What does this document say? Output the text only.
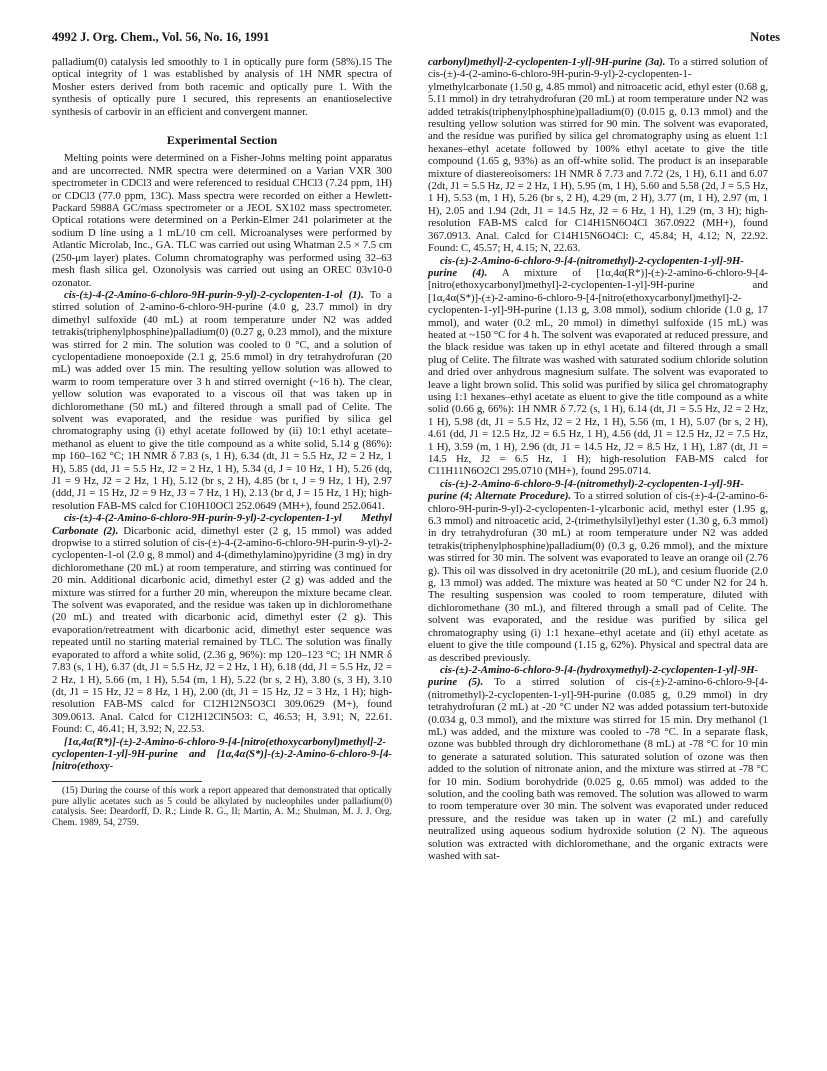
4992 J. Org. Chem., Vol. 56, No. 16, 1991	Notes

palladium(0) catalysis led smoothly to 1 in optically pure form (58%).15 The optical integrity of 1 was established by analysis of 1H NMR spectra of Mosher esters derived from both racemic and optically pure 1. With the synthesis of optically pure 1 secured, this represents an enantioselective synthesis of carbovir in an efficient and convergent manner.

Experimental Section

Melting points were determined on a Fisher-Johns melting point apparatus and are uncorrected. NMR spectra were determined on a Varian VXR 300 spectrometer in CDCl3 and were referenced to residual CHCl3 (7.24 ppm, 1H) or CDCl3 (77.0 ppm, 13C). Mass spectra were recorded on either a Hewlett-Packard 5988A GC/mass spectrometer or a JEOL SX102 mass spectrometer. Optical rotations were determined on a Perkin-Elmer 241 polarimeter at the sodium D line using a 1 mL/10 cm cell. Microanalyses were performed by Atlantic Microlab, Inc., GA. TLC was carried out using Whatman 2.5 × 7.5 cm (250-μm layer) plates. Column chromatography was performed using 32–63 mesh flash silica gel. Ozonolysis was carried out using an OREC 03v10-0 ozonator.

cis-(±)-4-(2-Amino-6-chloro-9H-purin-9-yl)-2-cyclopenten-1-ol (1). To a stirred solution of 2-amino-6-chloro-9H-purine (4.0 g, 23.7 mmol) in dry dimethyl sulfoxide (40 mL) at room temperature under N2 was added tetrakis(triphenylphosphine)palladium(0) (0.27 g, 0.23 mmol), and the mixture was stirred for 2 min. The solution was cooled to 0 °C, and a solution of cyclopentadiene monoepoxide (2.1 g, 25.6 mmol) in dry tetrahydrofuran (20 mL) was added over 15 min. The resulting yellow solution was allowed to warm to room temperature over 3 h and stirred overnight (~16 h). The clear, yellow solution was evaporated to a viscous oil that was taken up in dichloromethane (50 mL) and filtered through a small pad of Celite. The solvent was evaporated, and the residue was purified by silica gel chromatography using (i) ethyl acetate followed by (ii) 10:1 ethyl acetate–methanol as eluent to give the title compound as a white solid, 5.14 g (86%): mp 160–162 °C; 1H NMR δ 7.83 (s, 1 H), 6.34 (dt, J1 = 5.5 Hz, J2 = 2 Hz, 1 H), 5.85 (dd, J1 = 5.5 Hz, J2 = 2 Hz, 1 H), 5.34 (d, J = 10 Hz, 1 H), 5.26 (dq, J1 = 9 Hz, J2 = 2 Hz, 1 H), 5.12 (br s, 2 H), 4.85 (br t, J = 9 Hz, 1 H), 2.97 (ddd, J1 = 15 Hz, J2 = 9 Hz, J3 = 7 Hz, 1 H), 2.13 (br d, J = 15 Hz, 1 H); high-resolution FAB-MS calcd for C10H10OCl 252.0649 (MH+), found 252.0641.

cis-(±)-4-(2-Amino-6-chloro-9H-purin-9-yl)-2-cyclopenten-1-yl Methyl Carbonate (2). Dicarbonic acid, dimethyl ester (2 g, 15 mmol) was added dropwise to a stirred solution of cis-(±)-4-(2-amino-6-chloro-9H-purin-9-yl)-2-cyclopenten-1-ol (2.0 g, 8 mmol) and 4-(dimethylamino)pyridine (3 mg) in dry dichloromethane (20 mL) at room temperature, and stirring was continued for 20 min. Additional dicarbonic acid, dimethyl ester (2 g) was added and the mixture was stirred for a further 20 min, whereupon the mixture became clear. The solvent was evaporated, and the residue was taken up in dichloromethane (20 mL) and treated with dicarbonic acid, dimethyl ester (2 g). This evaporation/retreatment with dicarbonic acid, dimethyl ester sequence was repeated until no starting material remained by TLC. The solution was finally evaporated to afford a white solid, (2.36 g, 96%): mp 120–123 °C; 1H NMR δ 7.83 (s, 1 H), 6.37 (dt, J1 = 5.5 Hz, J2 = 2 Hz, 1 H), 6.18 (dd, J1 = 5.5 Hz, J2 = 2 Hz, 1 H), 5.66 (m, 1 H), 5.54 (m, 1 H), 5.22 (br s, 2 H), 3.80 (s, 3 H), 3.10 (dt, J1 = 15 Hz, J2 = 8 Hz, 1 H), 2.00 (dt, J1 = 15 Hz, J2 = 3 Hz, 1 H); high-resolution FAB-MS calcd for C12H12N5O3Cl 309.0629 (M+), found 309.0613. Anal. Calcd for C12H12ClN5O3: C, 46.53; H, 3.91; N, 22.61. Found: C, 46.41; H, 3.92; N, 22.53.

[1α,4α(R*)]-(±)-2-Amino-6-chloro-9-[4-[nitro(ethoxycarbonyl)methyl]-2-cyclopenten-1-yl]-9H-purine and [1α,4α(S*)]-(±)-2-Amino-6-chloro-9-[4-[nitro(ethoxy-

(15) During the course of this work a report appeared that demonstrated that optically pure allylic acetates such as 5 could be alkylated by nucleophiles under palladium(0) catalysis. See: Deardorff, D. R.; Linde R. G., II; Martin, A. M.; Shulman, M. J. J. Org. Chem. 1989, 54, 2759.

carbonyl)methyl]-2-cyclopenten-1-yl]-9H-purine (3a). To a stirred solution of cis-(±)-4-(2-amino-6-chloro-9H-purin-9-yl)-2-cyclopenten-1-ylmethylcarbonate (1.50 g, 4.85 mmol) and nitroacetic acid, ethyl ester (0.68 g, 5.11 mmol) in dry tetrahydrofuran (20 mL) at room temperature under N2 was added tetrakis(triphenylphosphine)palladium(0) (0.015 g, 0.13 mmol) and the resulting yellow solution was stirred for 90 min. The solvent was evaporated, and the residue was purified by silica gel chromatography using as eluent 1:1 hexanes–ethyl acetate followed by 100% ethyl acetate to give the title compound (1.65 g, 93%) as an off-white solid. The product is an inseparable mixture of diastereoisomers: 1H NMR δ 7.73 and 7.72 (2s, 1 H), 6.11 and 6.07 (2dt, J1 = 5.5 Hz, J2 = 2 Hz, 1 H), 5.95 (m, 1 H), 5.60 and 5.58 (2d, J = 5.5 Hz, 1 H), 5.53 (m, 1 H), 5.26 (br s, 2 H), 4.29 (m, 2 H), 3.77 (m, 1 H), 2.97 (m, 1 H), 2.05 and 1.94 (2dt, J1 = 14.5 Hz, J2 = 6 Hz, 1 H), 1.29 (m, 3 H); high-resolution FAB-MS calcd for C14H15N6O4Cl 367.0922 (MH+), found 367.0913. Anal. Calcd for C14H15N6O4Cl: C, 45.84; H, 4.12; N, 22.92. Found: C, 45.57; H, 4.15; N, 22.63.

cis-(±)-2-Amino-6-chloro-9-[4-(nitromethyl)-2-cyclopenten-1-yl]-9H-purine (4). A mixture of [1α,4α(R*)]-(±)-2-amino-6-chloro-9-[4-[nitro(ethoxycarbonyl)methyl]-2-cyclopenten-1-yl]-9H-purine and [1α,4α(S*)]-(±)-2-amino-6-chloro-9-[4-[nitro(ethoxycarbonyl)methyl]-2-cyclopenten-1-yl]-9H-purine (1.13 g, 3.08 mmol), sodium chloride (1.0 g, 17 mmol), and water (0.2 mL, 20 mmol) in dimethyl sulfoxide (15 mL) was heated at ~150 °C for 4 h. The solvent was evaporated at reduced pressure, and the black residue was taken up in ethyl acetate and filtered through a small plug of Celite. The filtrate was washed with saturated sodium chloride solution and dried over anhydrous magnesium sulfate. The solvent was evaporated to leave a light brown solid. This solid was purified by silica gel chromatography using 1:1 hexanes–ethyl acetate as eluent to give the title compound as a white solid (0.66 g, 66%): 1H NMR δ 7.72 (s, 1 H), 6.14 (dt, J1 = 5.5 Hz, J2 = 2 Hz, 1 H), 5.98 (dt, J1 = 5.5 Hz, J2 = 2 Hz, 1 H), 5.56 (m, 1 H), 5.07 (br s, 2 H), 4.61 (dd, J1 = 12.5 Hz, J2 = 6.5 Hz, 1 H), 4.56 (dd, J1 = 12.5 Hz, J2 = 7.5 Hz, 1 H), 3.59 (m, 1 H), 2.96 (dt, J1 = 14.5 Hz, J2 = 8.5 Hz, 1 H), 1.87 (dt, J1 = 14.5 Hz, J2 = 6.5 Hz, 1 H); high-resolution FAB-MS calcd for C11H11N6O2Cl 295.0710 (MH+), found 295.0714.

cis-(±)-2-Amino-6-chloro-9-[4-(nitromethyl)-2-cyclopenten-1-yl]-9H-purine (4; Alternate Procedure). To a stirred solution of cis-(±)-4-(2-amino-6-chloro-9H-purin-9-yl)-2-cyclopenten-1-ylcarbonic acid, methyl ester (1.95 g, 6.3 mmol) and nitroacetic acid, 2-(trimethylsilyl)ethyl ester (1.30 g, 6.3 mmol) in dry tetrahydrofuran (30 mL) at room temperature under N2 was added tetrakis(triphenylphosphine)palladium(0) (0.3 g, 0.26 mmol), and the mixture was stirred for 30 min. The solvent was evaporated to leave an orange oil (2.76 g). This oil was dissolved in dry acetonitrile (20 mL), and cesium fluoride (2.0 g, 13 mmol) was added. The mixture was heated at 50 °C under N2 for 24 h. The resulting suspension was cooled to room temperature, diluted with dichloromethane (30 mL), and filtered through a small pad of Celite. The solvent was evaporated, and the residue was purified by silica gel chromatography using (i) 1:1 hexane–ethyl acetate and (ii) ethyl acetate as eluent to give the title compound (1.15 g, 62%). Physical and spectral data are as described previously.

cis-(±)-2-Amino-6-chloro-9-[4-(hydroxymethyl)-2-cyclopenten-1-yl]-9H-purine (5). To a stirred solution of cis-(±)-2-amino-6-chloro-9-[4-(nitromethyl)-2-cyclopenten-1-yl]-9H-purine (0.085 g, 0.29 mmol) in dry tetrahydrofuran (2 mL) at -20 °C under N2 was added potassium tert-butoxide (0.034 g, 0.3 mmol), and the mixture was stirred for 15 min. Dry methanol (1 mL) was added, and the mixture was cooled to -78 °C. In a separate flask, ozone was bubbled through dry dichloromethane (8 mL) at -78 °C for 10 min to generate a saturated solution. This saturated solution of ozone was then added to the solution of nitronate anion, and the mixture was stirred at -78 °C for 10 min. Sodium borohydride (0.025 g, 0.65 mmol) was added to the solution, and the cooling bath was removed. The solution was allowed to warm to room temperature over 30 min. The solvent was evaporated under reduced pressure, and the residue was taken up in water (2 mL) and carefully neutralized using aqueous sodium hydroxide solution (2 N). The aqueous solution was extracted with dichloromethane, and the organic extracts were washed with sat-
